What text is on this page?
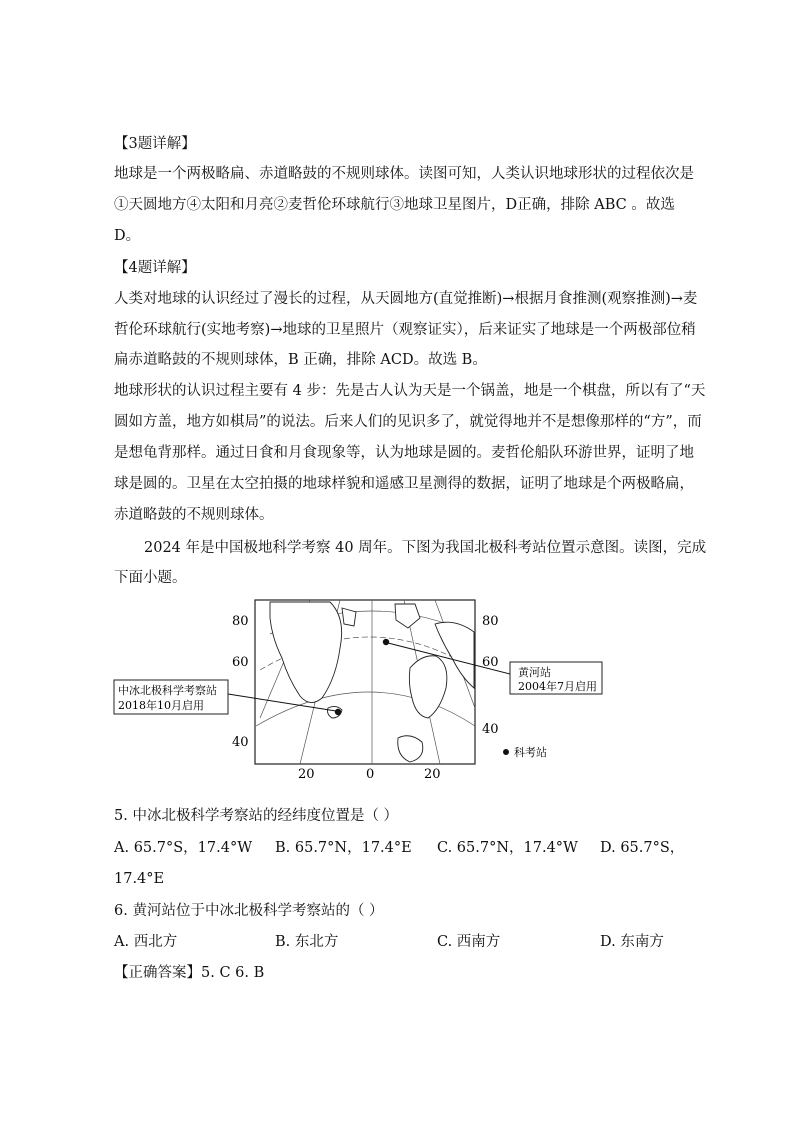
【3题详解】
地球是一个两极略扁、赤道略鼓的不规则球体。读图可知，人类认识地球形状的过程依次是
①天圆地方④太阳和月亮②麦哲伦环球航行③地球卫星图片，D正确，排除 ABC 。故选
D。
【4题详解】
人类对地球的认识经过了漫长的过程，从天圆地方(直觉推断)→根据月食推测(观察推测)→麦
哲伦环球航行(实地考察)→地球的卫星照片（观察证实），后来证实了地球是一个两极部位稍
扁赤道略鼓的不规则球体，B 正确，排除 ACD。故选 B。
地球形状的认识过程主要有 4 步：先是古人认为天是一个锅盖，地是一个棋盘，所以有了“天
圆如方盖，地方如棋局”的说法。后来人们的见识多了，就觉得地并不是想像那样的“方”，而
是想龟背那样。通过日食和月食现象等，认为地球是圆的。麦哲伦船队环游世界，证明了地
球是圆的。卫星在太空拍摄的地球样貌和遥感卫星测得的数据，证明了地球是个两极略扁，
赤道略鼓的不规则球体。
2024 年是中国极地科学考察 40 周年。下图为我国北极科考站位置示意图。读图，完成
下面小题。
中冰北极科学考察站
2018年10月启用
黄河站
2004年7月启用
80
60
40
80
60
40
20	0	20
科考站
5. 中冰北极科学考察站的经纬度位置是（ ）
A. 65.7°S，17.4°W B. 65.7°N，17.4°E C. 65.7°N，17.4°W D. 65.7°S，
17.4°E
6. 黄河站位于中冰北极科学考察站的（ ）
A. 西北方	B. 东北方	C. 西南方	D. 东南方
【正确答案】5. C 6. B
